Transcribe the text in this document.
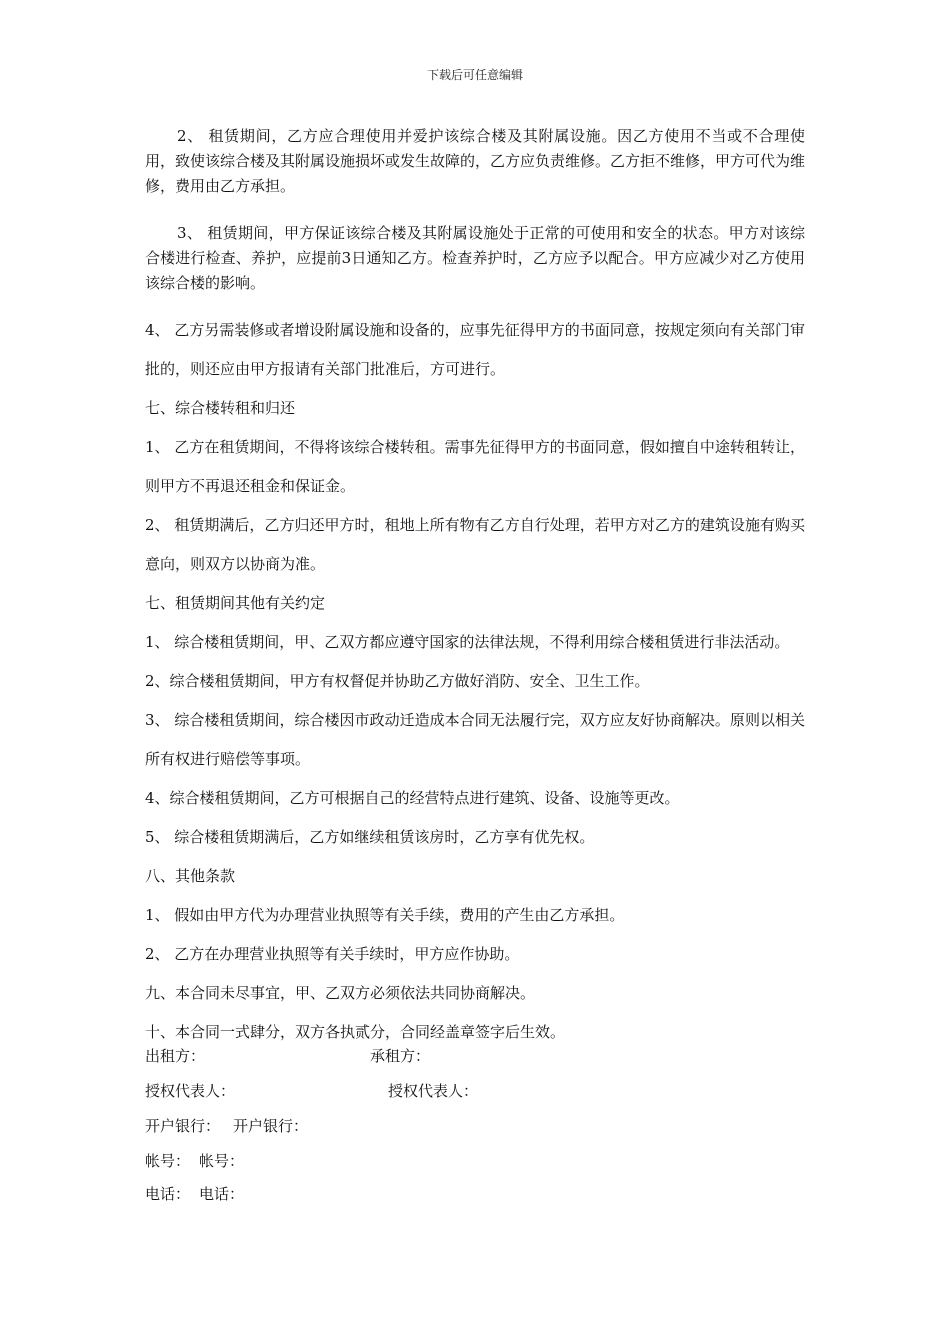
下载后可任意编辑

2、 租赁期间，乙方应合理使用并爱护该综合楼及其附属设施。因乙方使用不当或不合理使用，致使该综合楼及其附属设施损坏或发生故障的，乙方应负责维修。乙方拒不维修，甲方可代为维修，费用由乙方承担。

3、 租赁期间，甲方保证该综合楼及其附属设施处于正常的可使用和安全的状态。甲方对该综合楼进行检查、养护，应提前3日通知乙方。检查养护时，乙方应予以配合。甲方应减少对乙方使用该综合楼的影响。

4、 乙方另需装修或者增设附属设施和设备的，应事先征得甲方的书面同意，按规定须向有关部门审批的，则还应由甲方报请有关部门批准后，方可进行。

七、综合楼转租和归还

1、 乙方在租赁期间，不得将该综合楼转租。需事先征得甲方的书面同意，假如擅自中途转租转让，则甲方不再退还租金和保证金。

2、 租赁期满后，乙方归还甲方时，租地上所有物有乙方自行处理，若甲方对乙方的建筑设施有购买意向，则双方以协商为准。

七、租赁期间其他有关约定

1、 综合楼租赁期间，甲、乙双方都应遵守国家的法律法规，不得利用综合楼租赁进行非法活动。

2、综合楼租赁期间，甲方有权督促并协助乙方做好消防、安全、卫生工作。

3、 综合楼租赁期间，综合楼因市政动迁造成本合同无法履行完，双方应友好协商解决。原则以相关所有权进行赔偿等事项。

4、综合楼租赁期间，乙方可根据自己的经营特点进行建筑、设备、设施等更改。

5、 综合楼租赁期满后，乙方如继续租赁该房时，乙方享有优先权。

八、其他条款

1、 假如由甲方代为办理营业执照等有关手续，费用的产生由乙方承担。

2、 乙方在办理营业执照等有关手续时，甲方应作协助。

九、本合同未尽事宜，甲、乙双方必须依法共同协商解决。

十、本合同一式肆分，双方各执贰分，合同经盖章签字后生效。

出租方：	承租方：
授权代表人：	授权代表人：
开户银行： 开户银行：
帐号： 帐号：
电话： 电话：
